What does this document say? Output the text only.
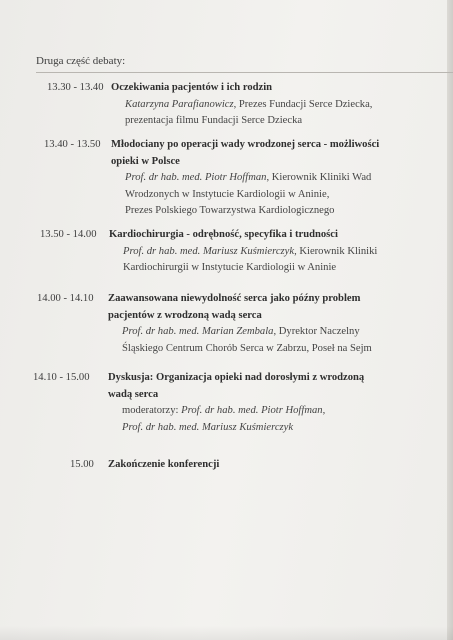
Druga część debaty:
13.30 - 13.40 Oczekiwania pacjentów i ich rodzin
Katarzyna Parafianowicz, Prezes Fundacji Serce Dziecka,
prezentacja filmu Fundacji Serce Dziecka
13.40 - 13.50 Młodociany po operacji wady wrodzonej serca - możliwości
opieki w Polsce
Prof. dr hab. med. Piotr Hoffman, Kierownik Kliniki Wad
Wrodzonych w Instytucie Kardiologii w Aninie,
Prezes Polskiego Towarzystwa Kardiologicznego
13.50 - 14.00 Kardiochirurgia - odrębność, specyfika i trudności
Prof. dr hab. med. Mariusz Kuśmierczyk, Kierownik Kliniki
Kardiochirurgii w Instytucie Kardiologii w Aninie
14.00 - 14.10 Zaawansowana niewydolność serca jako późny problem
pacjentów z wrodzoną wadą serca
Prof. dr hab. med. Marian Zembala, Dyrektor Naczelny
Śląskiego Centrum Chorób Serca w Zabrzu, Poseł na Sejm
14.10 - 15.00 Dyskusja: Organizacja opieki nad dorosłymi z wrodzoną
wadą serca
moderatorzy: Prof. dr hab. med. Piotr Hoffman,
Prof. dr hab. med. Mariusz Kuśmierczyk
15.00 Zakończenie konferencji
